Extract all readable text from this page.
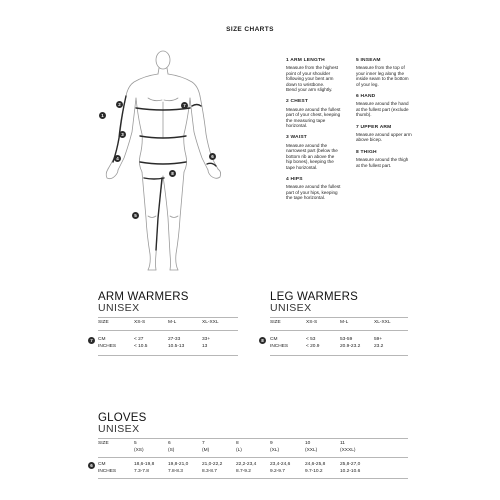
SIZE CHARTS
1
2
3
4
5
6
7
8
1 ARM LENGTH
Measure from the highest
point of your shoulder
following your bent arm
down to wristbone.
Bend your arm slightly.
2 CHEST
Measure around the fullest
part of your chest, keeping
the measuring tape
horizontal.
3 WAIST
Measure around the
narrowest part (below the
bottom rib an above the
hip bones), keeping the
tape horizontal.
4 HIPS
Measure around the fullest
part of your hips, keeping
the tape horizontal.
5 INSEAM
Measure from the top of
your inner leg along the
inside seam to the bottom
of your leg.
6 HAND
Measure around the hand
at the fullest part (exclude
thumb).
7 UPPER ARM
Measure around upper arm
above bicep.
8 THIGH
Measure around the thigh
at the fullest part.
ARM WARMERS
UNISEX
SIZE	XS-S	M-L	XL-XXL
7	CM	< 27	27-33	33+
INCHES	< 10.5	10.5-13	13
LEG WARMERS
UNISEX
SIZE	XS-S	M-L	XL-XXL
8	CM	< 53	53-59	59+
INCHES	< 20.9	20.9-23.2	23.2
GLOVES
UNISEX
SIZE	5	6	7	8	9	10	11
(XS)	(S)	(M)	(L)	(XL)	(XXL)	(XXXL)
6	CM	18,6-19,8	19,8-21,0	21,0-22,2	22,2-23,4	23,4-24,6	24,6-25,8	25,8-27,0
INCHES	7.3-7.8	7.8-8.3	8.3-8.7	8.7-9.2	9.2-9.7	9.7-10.2	10.2-10.6
